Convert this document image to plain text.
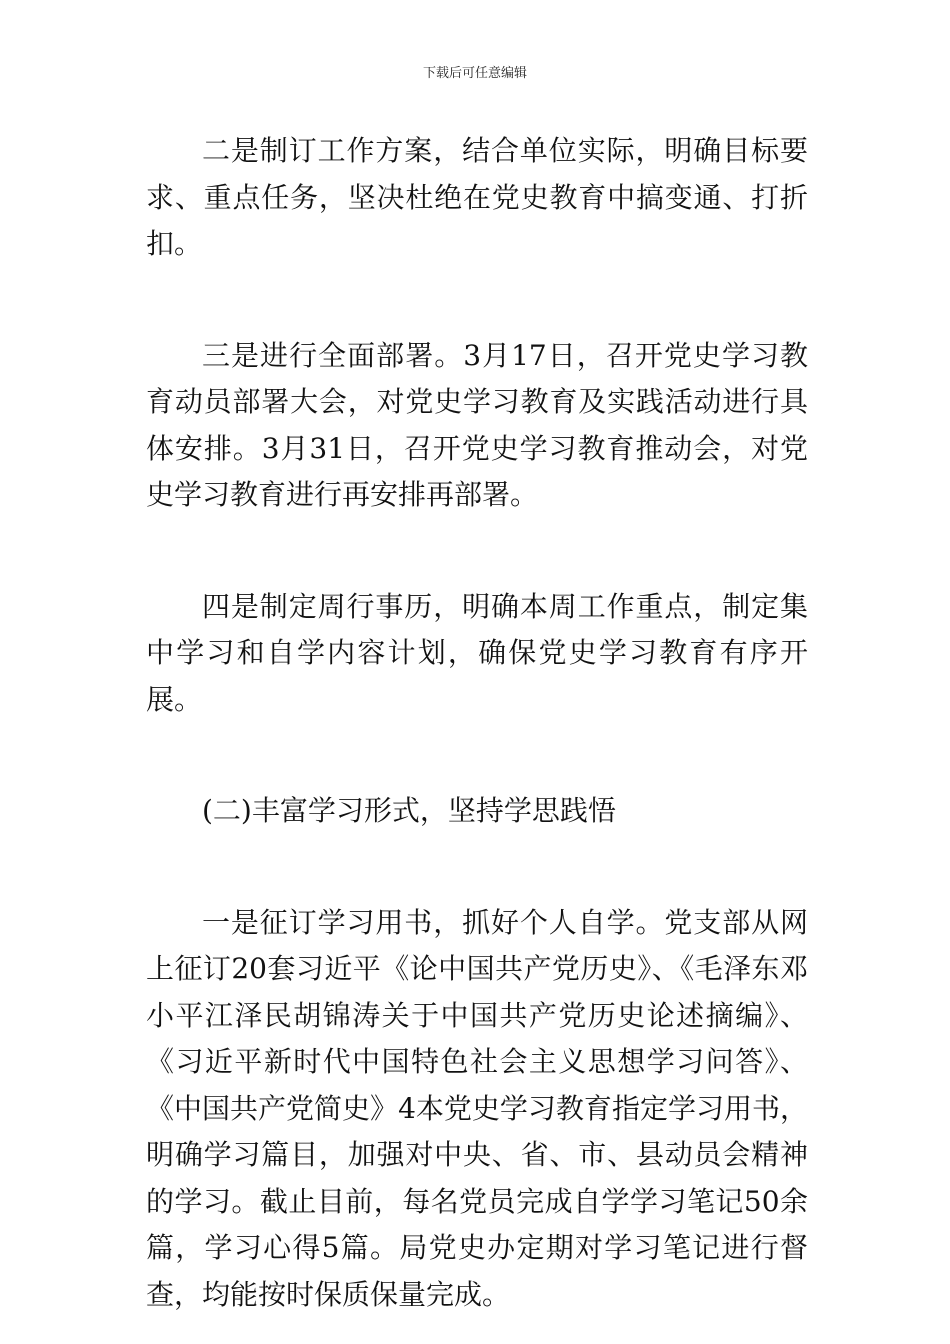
下载后可任意编辑

二是制订工作方案，结合单位实际，明确目标要求、重点任务，坚决杜绝在党史教育中搞变通、打折扣。

三是进行全面部署。3月17日，召开党史学习教育动员部署大会，对党史学习教育及实践活动进行具体安排。3月31日，召开党史学习教育推动会，对党史学习教育进行再安排再部署。

四是制定周行事历，明确本周工作重点，制定集中学习和自学内容计划，确保党史学习教育有序开展。

(二)丰富学习形式，坚持学思践悟

一是征订学习用书，抓好个人自学。党支部从网上征订20套习近平《论中国共产党历史》、《毛泽东邓小平江泽民胡锦涛关于中国共产党历史论述摘编》、《习近平新时代中国特色社会主义思想学习问答》、《中国共产党简史》4本党史学习教育指定学习用书，明确学习篇目，加强对中央、省、市、县动员会精神的学习。截止目前，每名党员完成自学学习笔记50余篇，学习心得5篇。局党史办定期对学习笔记进行督查，均能按时保质保量完成。
